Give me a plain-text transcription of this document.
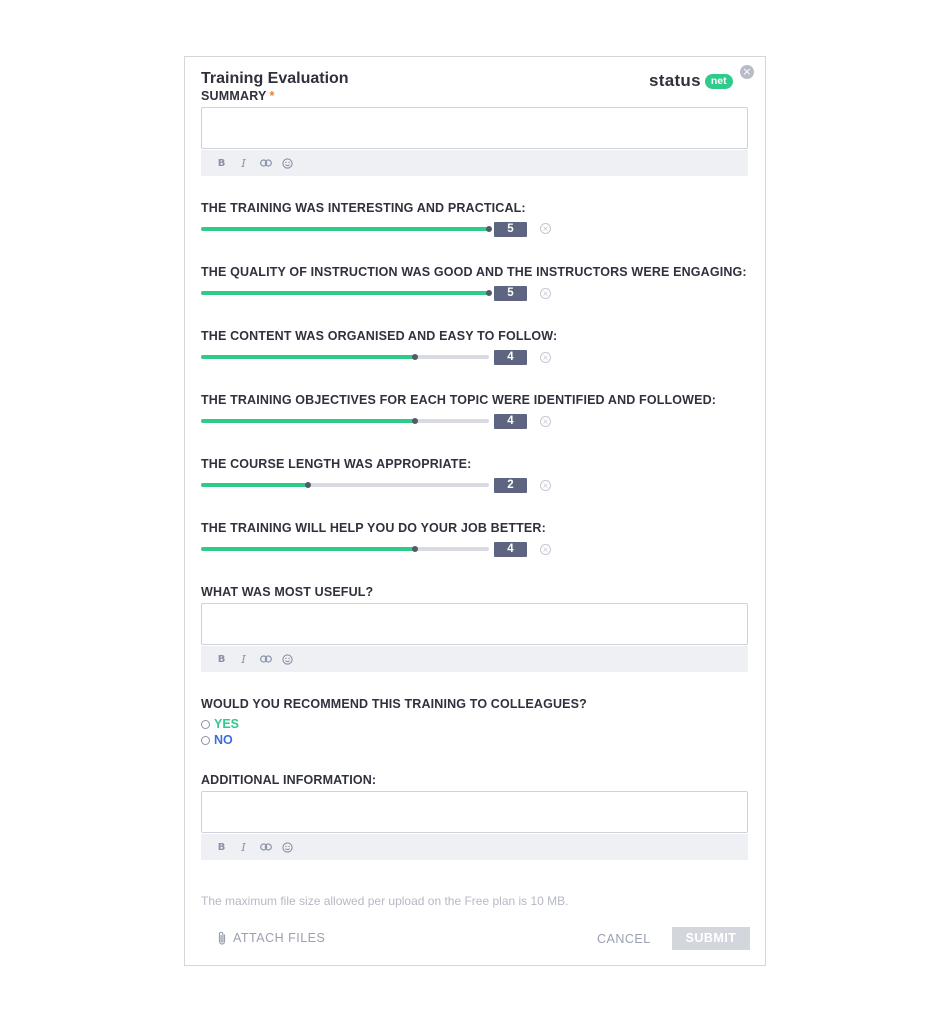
×
Training Evaluation
SUMMARY *
status net
B	I
THE TRAINING WAS INTERESTING AND PRACTICAL:
5	×
THE QUALITY OF INSTRUCTION WAS GOOD AND THE INSTRUCTORS WERE ENGAGING:
5	×
THE CONTENT WAS ORGANISED AND EASY TO FOLLOW:
4	×
THE TRAINING OBJECTIVES FOR EACH TOPIC WERE IDENTIFIED AND FOLLOWED:
4	×
THE COURSE LENGTH WAS APPROPRIATE:
2	×
THE TRAINING WILL HELP YOU DO YOUR JOB BETTER:
4	×
WHAT WAS MOST USEFUL?
B	I
WOULD YOU RECOMMEND THIS TRAINING TO COLLEAGUES?
YES
NO
ADDITIONAL INFORMATION:
B	I
The maximum file size allowed per upload on the Free plan is 10 MB.
ATTACH FILES	CANCEL	SUBMIT
